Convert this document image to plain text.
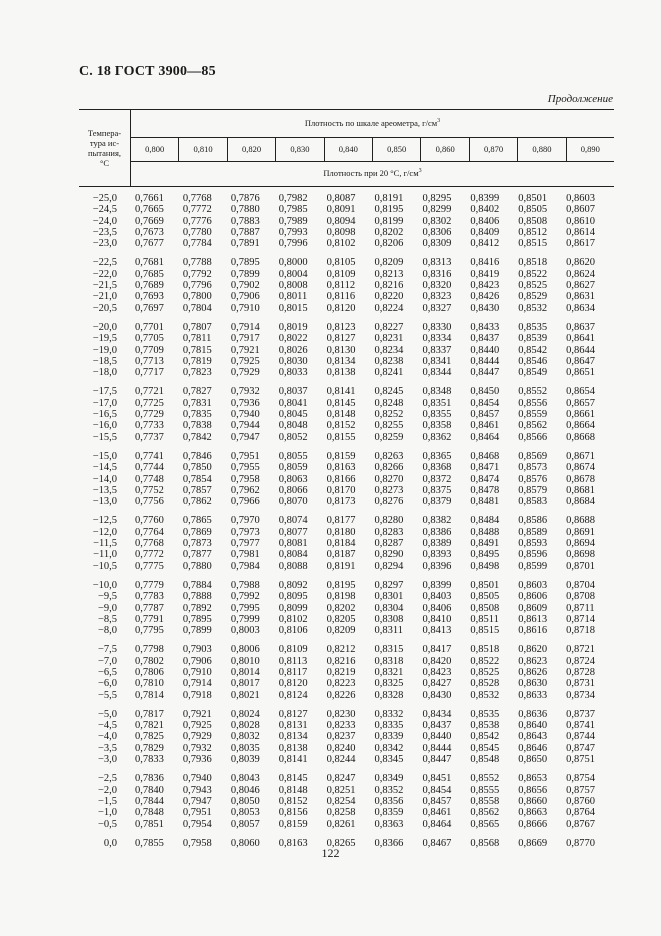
С. 18 ГОСТ 3900—85
Продолжение
Темпера-
тура ис-
пытания,
°С
Плотность по шкале ареометра, $г/см^3$
0,800	0,810	0,820	0,830	0,840	0,850	0,860	0,870	0,880	0,890
Плотность при 20 °С, $г/см^3$
−25,0 0,7661	0,7768	0,7876	0,7982	0,8087	0,8191	0,8295	0,8399	0,8501	0,8603
−24,5 0,7665	0,7772	0,7880	0,7985	0,8091	0,8195	0,8299	0,8402	0,8505	0,8607
−24,0 0,7669	0,7776	0,7883	0,7989	0,8094	0,8199	0,8302	0,8406	0,8508	0,8610
−23,5 0,7673	0,7780	0,7887	0,7993	0,8098	0,8202	0,8306	0,8409	0,8512	0,8614
−23,0 0,7677	0,7784	0,7891	0,7996	0,8102	0,8206	0,8309	0,8412	0,8515	0,8617
−22,5 0,7681	0,7788	0,7895	0,8000	0,8105	0,8209	0,8313	0,8416	0,8518	0,8620
−22,0 0,7685	0,7792	0,7899	0,8004	0,8109	0,8213	0,8316	0,8419	0,8522	0,8624
−21,5 0,7689	0,7796	0,7902	0,8008	0,8112	0,8216	0,8320	0,8423	0,8525	0,8627
−21,0 0,7693	0,7800	0,7906	0,8011	0,8116	0,8220	0,8323	0,8426	0,8529	0,8631
−20,5 0,7697	0,7804	0,7910	0,8015	0,8120	0,8224	0,8327	0,8430	0,8532	0,8634
−20,0 0,7701	0,7807	0,7914	0,8019	0,8123	0,8227	0,8330	0,8433	0,8535	0,8637
−19,5 0,7705	0,7811	0,7917	0,8022	0,8127	0,8231	0,8334	0,8437	0,8539	0,8641
−19,0 0,7709	0,7815	0,7921	0,8026	0,8130	0,8234	0,8337	0,8440	0,8542	0,8644
−18,5 0,7713	0,7819	0,7925	0,8030	0,8134	0,8238	0,8341	0,8444	0,8546	0,8647
−18,0 0,7717	0,7823	0,7929	0,8033	0,8138	0,8241	0,8344	0,8447	0,8549	0,8651
−17,5 0,7721	0,7827	0,7932	0,8037	0,8141	0,8245	0,8348	0,8450	0,8552	0,8654
−17,0 0,7725	0,7831	0,7936	0,8041	0,8145	0,8248	0,8351	0,8454	0,8556	0,8657
−16,5 0,7729	0,7835	0,7940	0,8045	0,8148	0,8252	0,8355	0,8457	0,8559	0,8661
−16,0 0,7733	0,7838	0,7944	0,8048	0,8152	0,8255	0,8358	0,8461	0,8562	0,8664
−15,5 0,7737	0,7842	0,7947	0,8052	0,8155	0,8259	0,8362	0,8464	0,8566	0,8668
−15,0 0,7741	0,7846	0,7951	0,8055	0,8159	0,8263	0,8365	0,8468	0,8569	0,8671
−14,5 0,7744	0,7850	0,7955	0,8059	0,8163	0,8266	0,8368	0,8471	0,8573	0,8674
−14,0 0,7748	0,7854	0,7958	0,8063	0,8166	0,8270	0,8372	0,8474	0,8576	0,8678
−13,5 0,7752	0,7857	0,7962	0,8066	0,8170	0,8273	0,8375	0,8478	0,8579	0,8681
−13,0 0,7756	0,7862	0,7966	0,8070	0,8173	0,8276	0,8379	0,8481	0,8583	0,8684
−12,5 0,7760	0,7865	0,7970	0,8074	0,8177	0,8280	0,8382	0,8484	0,8586	0,8688
−12,0 0,7764	0,7869	0,7973	0,8077	0,8180	0,8283	0,8386	0,8488	0,8589	0,8691
−11,5 0,7768	0,7873	0,7977	0,8081	0,8184	0,8287	0,8389	0,8491	0,8593	0,8694
−11,0 0,7772	0,7877	0,7981	0,8084	0,8187	0,8290	0,8393	0,8495	0,8596	0,8698
−10,5 0,7775	0,7880	0,7984	0,8088	0,8191	0,8294	0,8396	0,8498	0,8599	0,8701
−10,0 0,7779	0,7884	0,7988	0,8092	0,8195	0,8297	0,8399	0,8501	0,8603	0,8704
−9,5 0,7783	0,7888	0,7992	0,8095	0,8198	0,8301	0,8403	0,8505	0,8606	0,8708
−9,0 0,7787	0,7892	0,7995	0,8099	0,8202	0,8304	0,8406	0,8508	0,8609	0,8711
−8,5 0,7791	0,7895	0,7999	0,8102	0,8205	0,8308	0,8410	0,8511	0,8613	0,8714
−8,0 0,7795	0,7899	0,8003	0,8106	0,8209	0,8311	0,8413	0,8515	0,8616	0,8718
−7,5 0,7798	0,7903	0,8006	0,8109	0,8212	0,8315	0,8417	0,8518	0,8620	0,8721
−7,0 0,7802	0,7906	0,8010	0,8113	0,8216	0,8318	0,8420	0,8522	0,8623	0,8724
−6,5 0,7806	0,7910	0,8014	0,8117	0,8219	0,8321	0,8423	0,8525	0,8626	0,8728
−6,0 0,7810	0,7914	0,8017	0,8120	0,8223	0,8325	0,8427	0,8528	0,8630	0,8731
−5,5 0,7814	0,7918	0,8021	0,8124	0,8226	0,8328	0,8430	0,8532	0,8633	0,8734
−5,0 0,7817	0,7921	0,8024	0,8127	0,8230	0,8332	0,8434	0,8535	0,8636	0,8737
−4,5 0,7821	0,7925	0,8028	0,8131	0,8233	0,8335	0,8437	0,8538	0,8640	0,8741
−4,0 0,7825	0,7929	0,8032	0,8134	0,8237	0,8339	0,8440	0,8542	0,8643	0,8744
−3,5 0,7829	0,7932	0,8035	0,8138	0,8240	0,8342	0,8444	0,8545	0,8646	0,8747
−3,0 0,7833	0,7936	0,8039	0,8141	0,8244	0,8345	0,8447	0,8548	0,8650	0,8751
−2,5 0,7836	0,7940	0,8043	0,8145	0,8247	0,8349	0,8451	0,8552	0,8653	0,8754
−2,0 0,7840	0,7943	0,8046	0,8148	0,8251	0,8352	0,8454	0,8555	0,8656	0,8757
−1,5 0,7844	0,7947	0,8050	0,8152	0,8254	0,8356	0,8457	0,8558	0,8660	0,8760
−1,0 0,7848	0,7951	0,8053	0,8156	0,8258	0,8359	0,8461	0,8562	0,8663	0,8764
−0,5 0,7851	0,7954	0,8057	0,8159	0,8261	0,8363	0,8464	0,8565	0,8666	0,8767
0,0 0,7855	0,7958	0,8060	0,8163	0,8265	0,8366	0,8467	0,8568	0,8669	0,8770
122
